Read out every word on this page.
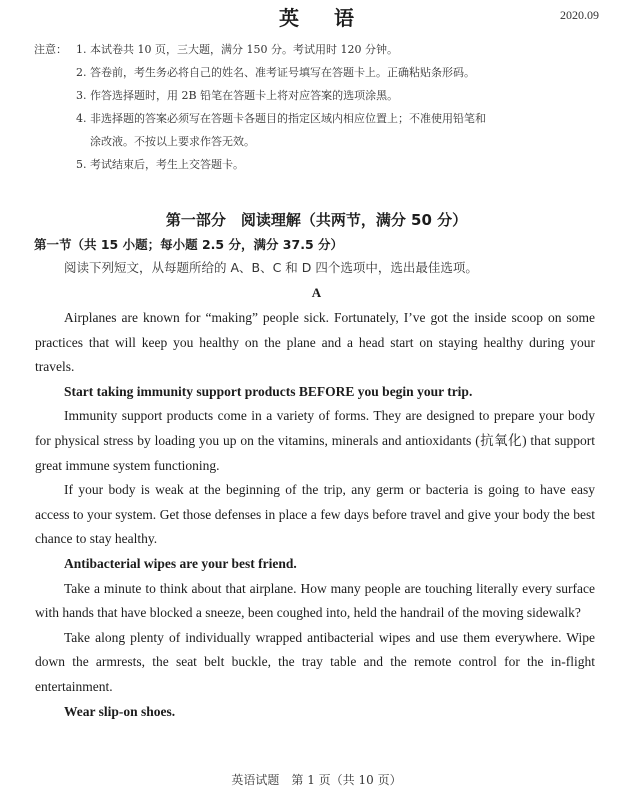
英 语	2020.09
注意： 1. 本试卷共 10 页，三大题，满分 150 分。考试用时 120 分钟。
2. 答卷前，考生务必将自己的姓名、准考证号填写在答题卡上。正确粘贴条形码。
3. 作答选择题时，用 2B 铅笔在答题卡上将对应答案的选项涂黑。
4. 非选择题的答案必须写在答题卡各题目的指定区域内相应位置上；不准使用铅笔和
涂改液。不按以上要求作答无效。
5. 考试结束后，考生上交答题卡。
第一部分　阅读理解（共两节，满分 50 分）
第一节（共 15 小题；每小题 2.5 分，满分 37.5 分）
阅读下列短文，从每题所给的 A、B、C 和 D 四个选项中，选出最佳选项。
A

Airplanes are known for “making” people sick. Fortunately, I’ve got the inside scoop on some practices that will keep you healthy on the plane and a head start on staying healthy during your travels.

Start taking immunity support products BEFORE you begin your trip.

Immunity support products come in a variety of forms. They are designed to prepare your body for physical stress by loading you up on the vitamins, minerals and antioxidants (抗氧化) that support great immune system functioning.

If your body is weak at the beginning of the trip, any germ or bacteria is going to have easy access to your system. Get those defenses in place a few days before travel and give your body the best chance to stay healthy.

Antibacterial wipes are your best friend.

Take a minute to think about that airplane. How many people are touching literally every surface with hands that have blocked a sneeze, been coughed into, held the handrail of the moving sidewalk?

Take along plenty of individually wrapped antibacterial wipes and use them everywhere. Wipe down the armrests, the seat belt buckle, the tray table and the remote control for the in-flight entertainment.

Wear slip-on shoes.

英语试题　第 1 页（共 10 页）
